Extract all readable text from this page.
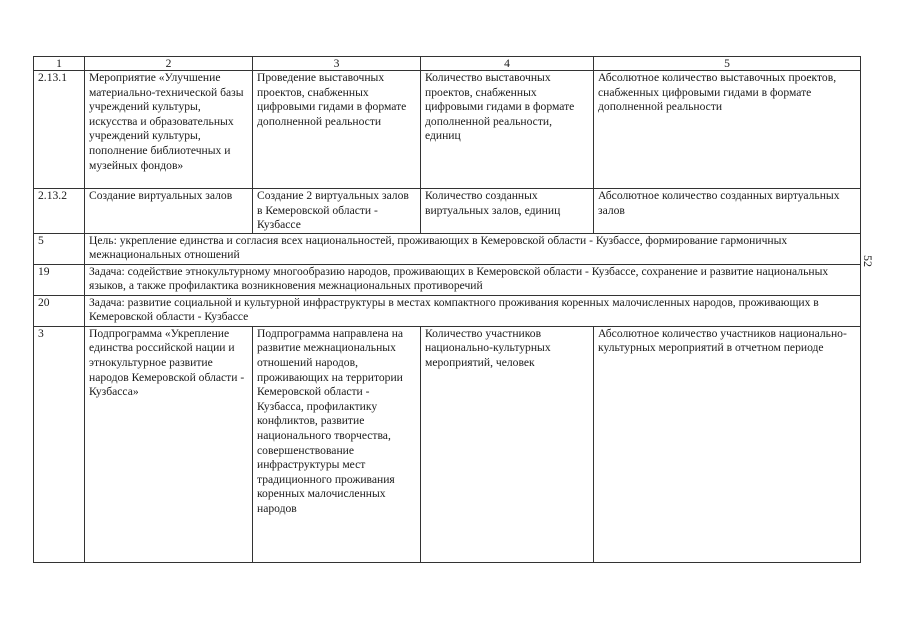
52
1	2	3	4	5
2.13.1	Мероприятие «Улучшение материально-технической базы учреждений культуры, искусства и образовательных учреждений культуры, пополнение библиотечных и музейных фондов»	Проведение выставочных проектов, снабженных цифровыми гидами в формате дополненной реальности	Количество выставочных проектов, снабженных цифровыми гидами в формате дополненной реальности, единиц	Абсолютное количество выставочных проектов, снабженных цифровыми гидами в формате дополненной реальности
2.13.2	Создание виртуальных залов	Создание 2 виртуальных залов в Кемеровской области - Кузбассе	Количество созданных виртуальных залов, единиц	Абсолютное количество созданных виртуальных залов
5	Цель: укрепление единства и согласия всех национальностей, проживающих в Кемеровской области - Кузбассе, формирование гармоничных межнациональных отношений			
19	Задача: содействие этнокультурному многообразию народов, проживающих в Кемеровской области - Кузбассе, сохранение и развитие национальных языков, а также профилактика возникновения межнациональных противоречий			
20	Задача: развитие социальной и культурной инфраструктуры в местах компактного проживания коренных малочисленных народов, проживающих в Кемеровской области - Кузбассе			
3	Подпрограмма «Укрепление единства российской нации и этнокультурное развитие народов Кемеровской области - Кузбасса»	Подпрограмма направлена на развитие межнациональных отношений народов, проживающих на территории Кемеровской области - Кузбасса, профилактику конфликтов, развитие национального творчества, совершенствование инфраструктуры мест традиционного проживания коренных малочисленных народов	Количество участников национально-культурных мероприятий, человек	Абсолютное количество участников национально-культурных мероприятий в отчетном периоде
